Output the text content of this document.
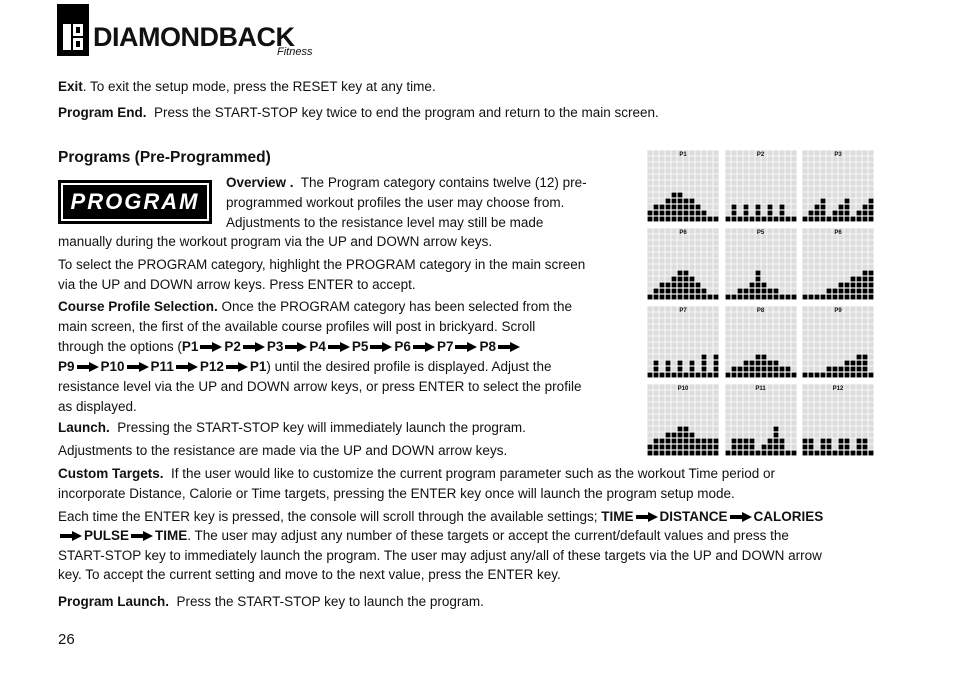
DIAMONDBACK
Fitness

Exit. To exit the setup mode, press the RESET key at any time.

Program End.  Press the START-STOP key twice to end the program and return to the main screen.

Programs (Pre-Programmed)
PROGRAM

Overview .  The Program category contains twelve (12) pre-

programmed workout profiles the user may choose from.

Adjustments to the resistance level may still be made

manually during the workout program via the UP and DOWN arrow keys.

To select the PROGRAM category, highlight the PROGRAM category in the main screen

via the UP and DOWN arrow keys. Press ENTER to accept.

Course Profile Selection. Once the PROGRAM category has been selected from the

main screen, the first of the available course profiles will post in brickyard. Scroll

through the options (P1 P2 P3 P4 P5 P6 P7 P8

P9 P10 P11 P12 P1) until the desired profile is displayed. Adjust the

resistance level via the UP and DOWN arrow keys, or press ENTER to select the profile

as displayed.

Launch.  Pressing the START-STOP key will immediately launch the program.

Adjustments to the resistance are made via the UP and DOWN arrow keys.

Custom Targets.  If the user would like to customize the current program parameter such as the workout Time period or

incorporate Distance, Calorie or Time targets, pressing the ENTER key once will launch the program setup mode.

Each time the ENTER key is pressed, the console will scroll through the available settings; TIME DISTANCE CALORIES

PULSE TIME. The user may adjust any number of these targets or accept the current/default values and press the

START-STOP key to immediately launch the program. The user may adjust any/all of these targets via the UP and DOWN arrow

key. To accept the current setting and move to the next value, press the ENTER key.

Program Launch.  Press the START-STOP key to launch the program.

26
P1	P2	P3
P6	P5	P6
P7	P8	P9
P10	P11	P12
